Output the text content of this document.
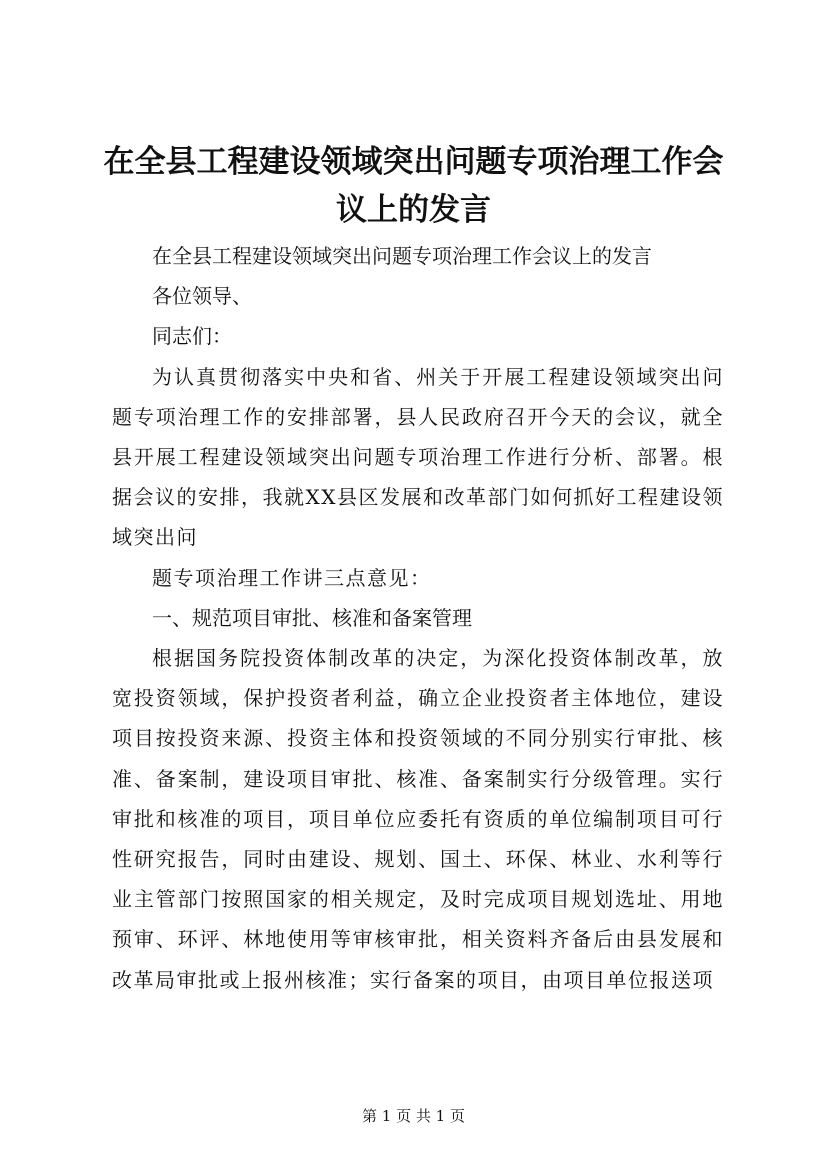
在全县工程建设领域突出问题专项治理工作会议上的发言

在全县工程建设领域突出问题专项治理工作会议上的发言

各位领导、

同志们：

为认真贯彻落实中央和省、州关于开展工程建设领域突出问题专项治理工作的安排部署，县人民政府召开今天的会议，就全县开展工程建设领域突出问题专项治理工作进行分析、部署。根据会议的安排，我就XX县区发展和改革部门如何抓好工程建设领域突出问

题专项治理工作讲三点意见：

一、规范项目审批、核准和备案管理

根据国务院投资体制改革的决定，为深化投资体制改革，放宽投资领域，保护投资者利益，确立企业投资者主体地位，建设项目按投资来源、投资主体和投资领域的不同分别实行审批、核准、备案制，建设项目审批、核准、备案制实行分级管理。实行审批和核准的项目，项目单位应委托有资质的单位编制项目可行性研究报告，同时由建设、规划、国土、环保、林业、水利等行业主管部门按照国家的相关规定，及时完成项目规划选址、用地预审、环评、林地使用等审核审批，相关资料齐备后由县发展和改革局审批或上报州核准；实行备案的项目，由项目单位报送项

第 1 页 共 1 页
